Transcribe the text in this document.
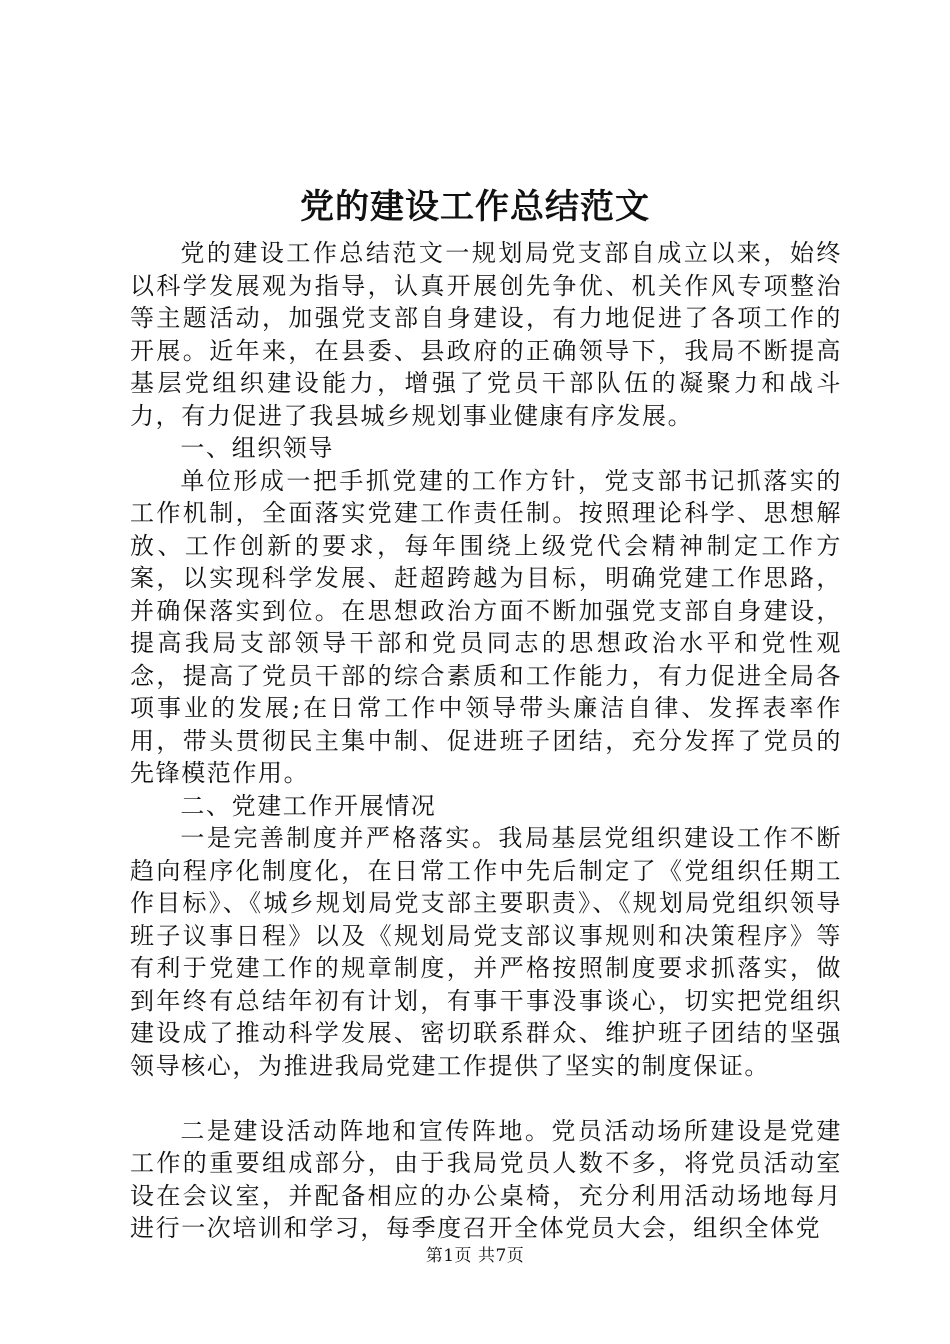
党的建设工作总结范文

党的建设工作总结范文一规划局党支部自成立以来，始终以科学发展观为指导，认真开展创先争优、机关作风专项整治等主题活动，加强党支部自身建设，有力地促进了各项工作的开展。近年来，在县委、县政府的正确领导下，我局不断提高基层党组织建设能力，增强了党员干部队伍的凝聚力和战斗力，有力促进了我县城乡规划事业健康有序发展。

一、组织领导

单位形成一把手抓党建的工作方针，党支部书记抓落实的工作机制，全面落实党建工作责任制。按照理论科学、思想解放、工作创新的要求，每年围绕上级党代会精神制定工作方案，以实现科学发展、赶超跨越为目标，明确党建工作思路，并确保落实到位。在思想政治方面不断加强党支部自身建设，提高我局支部领导干部和党员同志的思想政治水平和党性观念，提高了党员干部的综合素质和工作能力，有力促进全局各项事业的发展;在日常工作中领导带头廉洁自律、发挥表率作用，带头贯彻民主集中制、促进班子团结，充分发挥了党员的先锋模范作用。

二、党建工作开展情况

一是完善制度并严格落实。我局基层党组织建设工作不断趋向程序化制度化，在日常工作中先后制定了《党组织任期工作目标》、《城乡规划局党支部主要职责》、《规划局党组织领导班子议事日程》以及《规划局党支部议事规则和决策程序》等有利于党建工作的规章制度，并严格按照制度要求抓落实，做到年终有总结年初有计划，有事干事没事谈心，切实把党组织建设成了推动科学发展、密切联系群众、维护班子团结的坚强领导核心，为推进我局党建工作提供了坚实的制度保证。

二是建设活动阵地和宣传阵地。党员活动场所建设是党建工作的重要组成部分，由于我局党员人数不多，将党员活动室设在会议室，并配备相应的办公桌椅，充分利用活动场地每月进行一次培训和学习，每季度召开全体党员大会，组织全体党

第1页 共7页
